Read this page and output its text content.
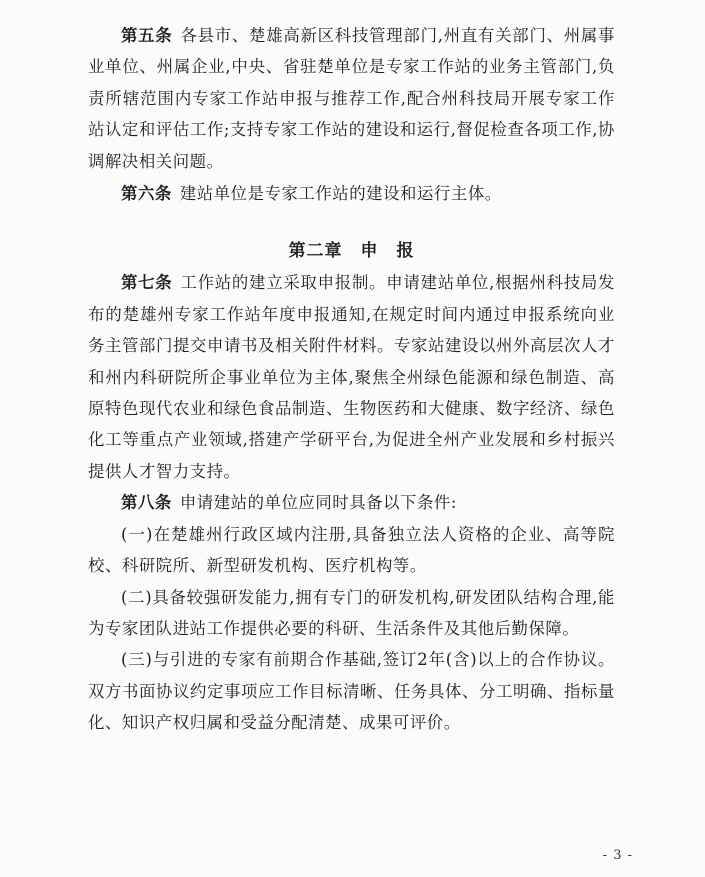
第五条 各县市、楚雄高新区科技管理部门,州直有关部门、州属事业单位、州属企业,中央、省驻楚单位是专家工作站的业务主管部门,负责所辖范围内专家工作站申报与推荐工作,配合州科技局开展专家工作站认定和评估工作;支持专家工作站的建设和运行,督促检查各项工作,协调解决相关问题。

第六条 建站单位是专家工作站的建设和运行主体。

第二章　申　报

第七条 工作站的建立采取申报制。申请建站单位,根据州科技局发布的楚雄州专家工作站年度申报通知,在规定时间内通过申报系统向业务主管部门提交申请书及相关附件材料。专家站建设以州外高层次人才和州内科研院所企事业单位为主体,聚焦全州绿色能源和绿色制造、高原特色现代农业和绿色食品制造、生物医药和大健康、数字经济、绿色化工等重点产业领域,搭建产学研平台,为促进全州产业发展和乡村振兴提供人才智力支持。

第八条 申请建站的单位应同时具备以下条件:

(一)在楚雄州行政区域内注册,具备独立法人资格的企业、高等院校、科研院所、新型研发机构、医疗机构等。

(二)具备较强研发能力,拥有专门的研发机构,研发团队结构合理,能为专家团队进站工作提供必要的科研、生活条件及其他后勤保障。

(三)与引进的专家有前期合作基础,签订2年(含)以上的合作协议。双方书面协议约定事项应工作目标清晰、任务具体、分工明确、指标量化、知识产权归属和受益分配清楚、成果可评价。

- 3 -
